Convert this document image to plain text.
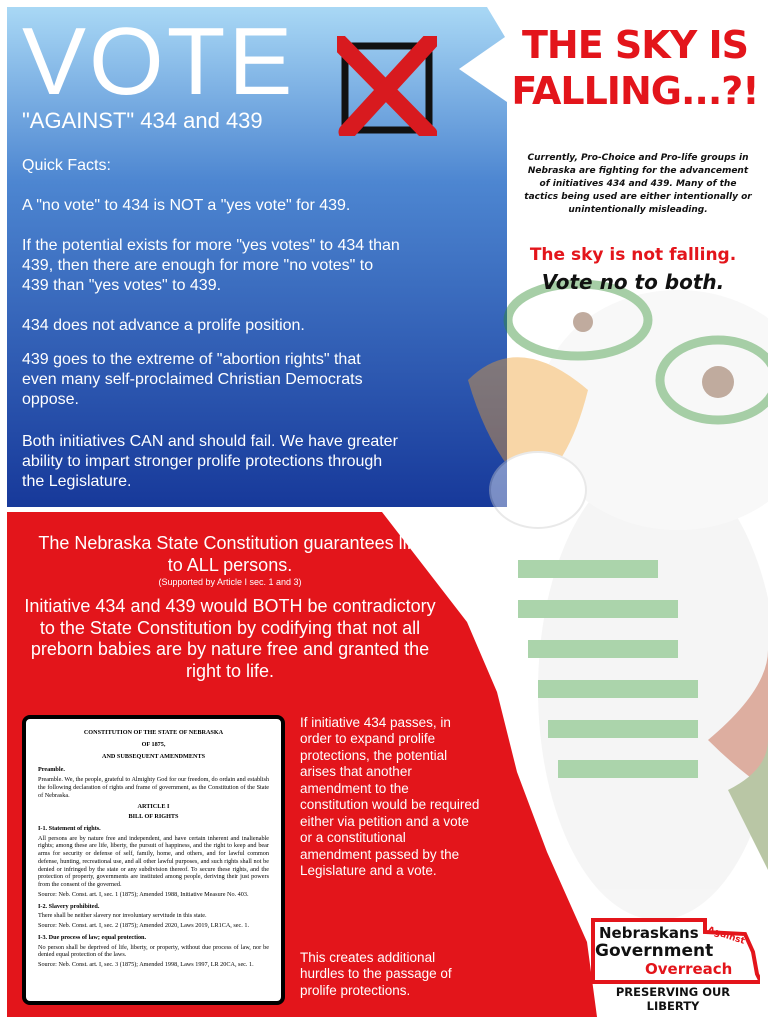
VOTE
"AGAINST" 434 and 439
Quick Facts:
A "no vote" to 434 is NOT a "yes vote" for 439.
If the potential exists for more "yes votes" to 434 than 439, then there are enough for more "no votes" to 439 than "yes votes" to 439.
434 does not advance a prolife position.
439 goes to the extreme of "abortion rights" that even many self-proclaimed Christian Democrats oppose.
Both initiatives CAN and should fail. We have greater ability to impart stronger prolife protections through the Legislature.
THE SKY IS FALLING...?!
Currently, Pro-Choice and Pro-life groups in Nebraska are fighting for the advancement of initiatives 434 and 439. Many of the tactics being used are either intentionally or unintentionally misleading.
The sky is not falling.
Vote no to both.
The Nebraska State Constitution guarantees life to ALL persons.
(Supported by Article I sec. 1 and 3)
Initiative 434 and 439 would BOTH be contradictory to the State Constitution by codifying that not all preborn babies are by nature free and granted the right to life.

CONSTITUTION OF THE STATE OF NEBRASKA

OF 1875,

AND SUBSEQUENT AMENDMENTS

Preamble.

Preamble. We, the people, grateful to Almighty God for our freedom, do ordain and establish the following declaration of rights and frame of government, as the Constitution of the State of Nebraska.

ARTICLE I

BILL OF RIGHTS

I-1. Statement of rights.

All persons are by nature free and independent, and have certain inherent and inalienable rights; among these are life, liberty, the pursuit of happiness, and the right to keep and bear arms for security or defense of self, family, home, and others, and for lawful common defense, hunting, recreational use, and all other lawful purposes, and such rights shall not be denied or infringed by the state or any subdivision thereof. To secure these rights, and the protection of property, governments are instituted among people, deriving their just powers from the consent of the governed.

Source: Neb. Const. art. I, sec. 1 (1875); Amended 1988, Initiative Measure No. 403.

I-2. Slavery prohibited.

There shall be neither slavery nor involuntary servitude in this state.

Source: Neb. Const. art. I, sec. 2 (1875); Amended 2020, Laws 2019, LR1CA, sec. 1.

I-3. Due process of law; equal protection.

No person shall be deprived of life, liberty, or property, without due process of law, nor be denied equal protection of the laws.

Source: Neb. Const. art. I, sec. 3 (1875); Amended 1998, Laws 1997, LR 20CA, sec. 1.

If initiative 434 passes, in order to expand prolife protections, the potential arises that another amendment to the constitution would be required either via petition and a vote or a constitutional amendment passed by the Legislature and a vote.
This creates additional hurdles to the passage of prolife protections.
Nebraskans Against
Government
Overreach
PRESERVING OUR LIBERTY
